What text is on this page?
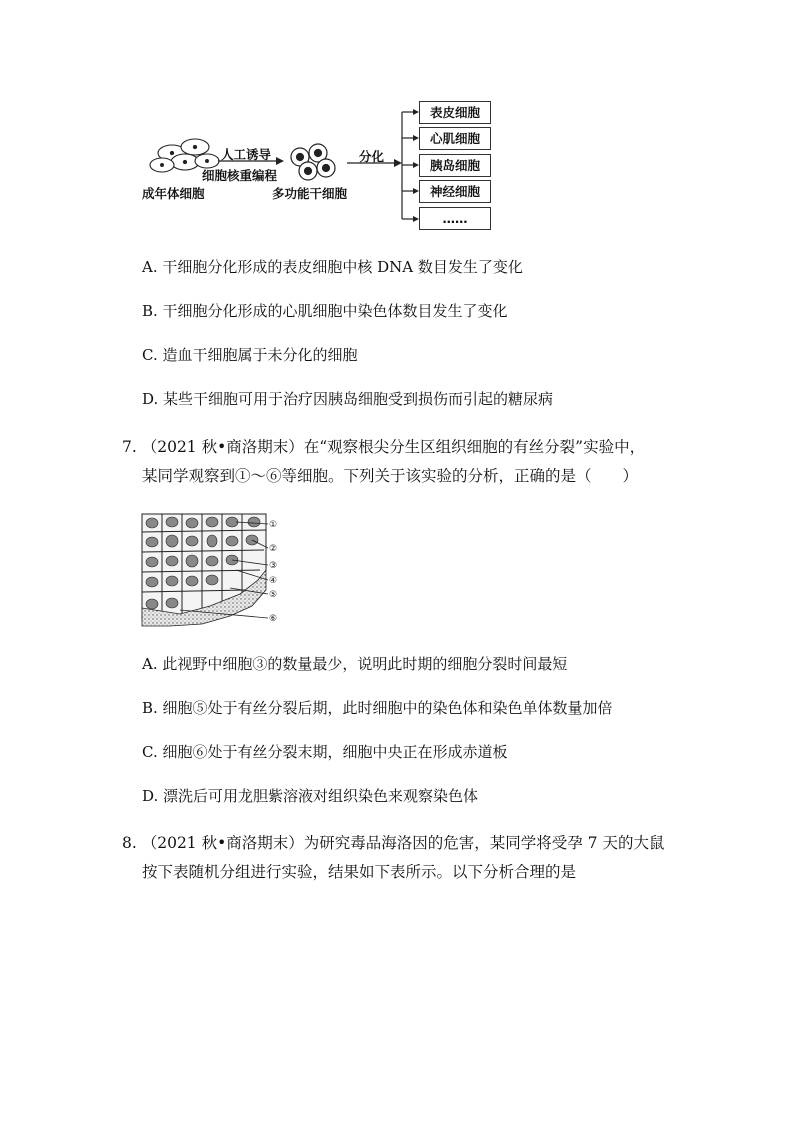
人工诱导
细胞核重编程
成年体细胞	多功能干细胞
分化
表皮细胞
心肌细胞
胰岛细胞
神经细胞
……
A. 干细胞分化形成的表皮细胞中核 DNA 数目发生了变化
B. 干细胞分化形成的心肌细胞中染色体数目发生了变化
C. 造血干细胞属于未分化的细胞
D. 某些干细胞可用于治疗因胰岛细胞受到损伤而引起的糖尿病
7. （2021 秋•商洛期末）在“观察根尖分生区组织细胞的有丝分裂”实验中，
某同学观察到①～⑥等细胞。下列关于该实验的分析，正确的是（　　）
①
②
③
④
⑤
⑥
A. 此视野中细胞③的数量最少，说明此时期的细胞分裂时间最短
B. 细胞⑤处于有丝分裂后期，此时细胞中的染色体和染色单体数量加倍
C. 细胞⑥处于有丝分裂末期，细胞中央正在形成赤道板
D. 漂洗后可用龙胆紫溶液对组织染色来观察染色体
8. （2021 秋•商洛期末）为研究毒品海洛因的危害，某同学将受孕 7 天的大鼠
按下表随机分组进行实验，结果如下表所示。以下分析合理的是
